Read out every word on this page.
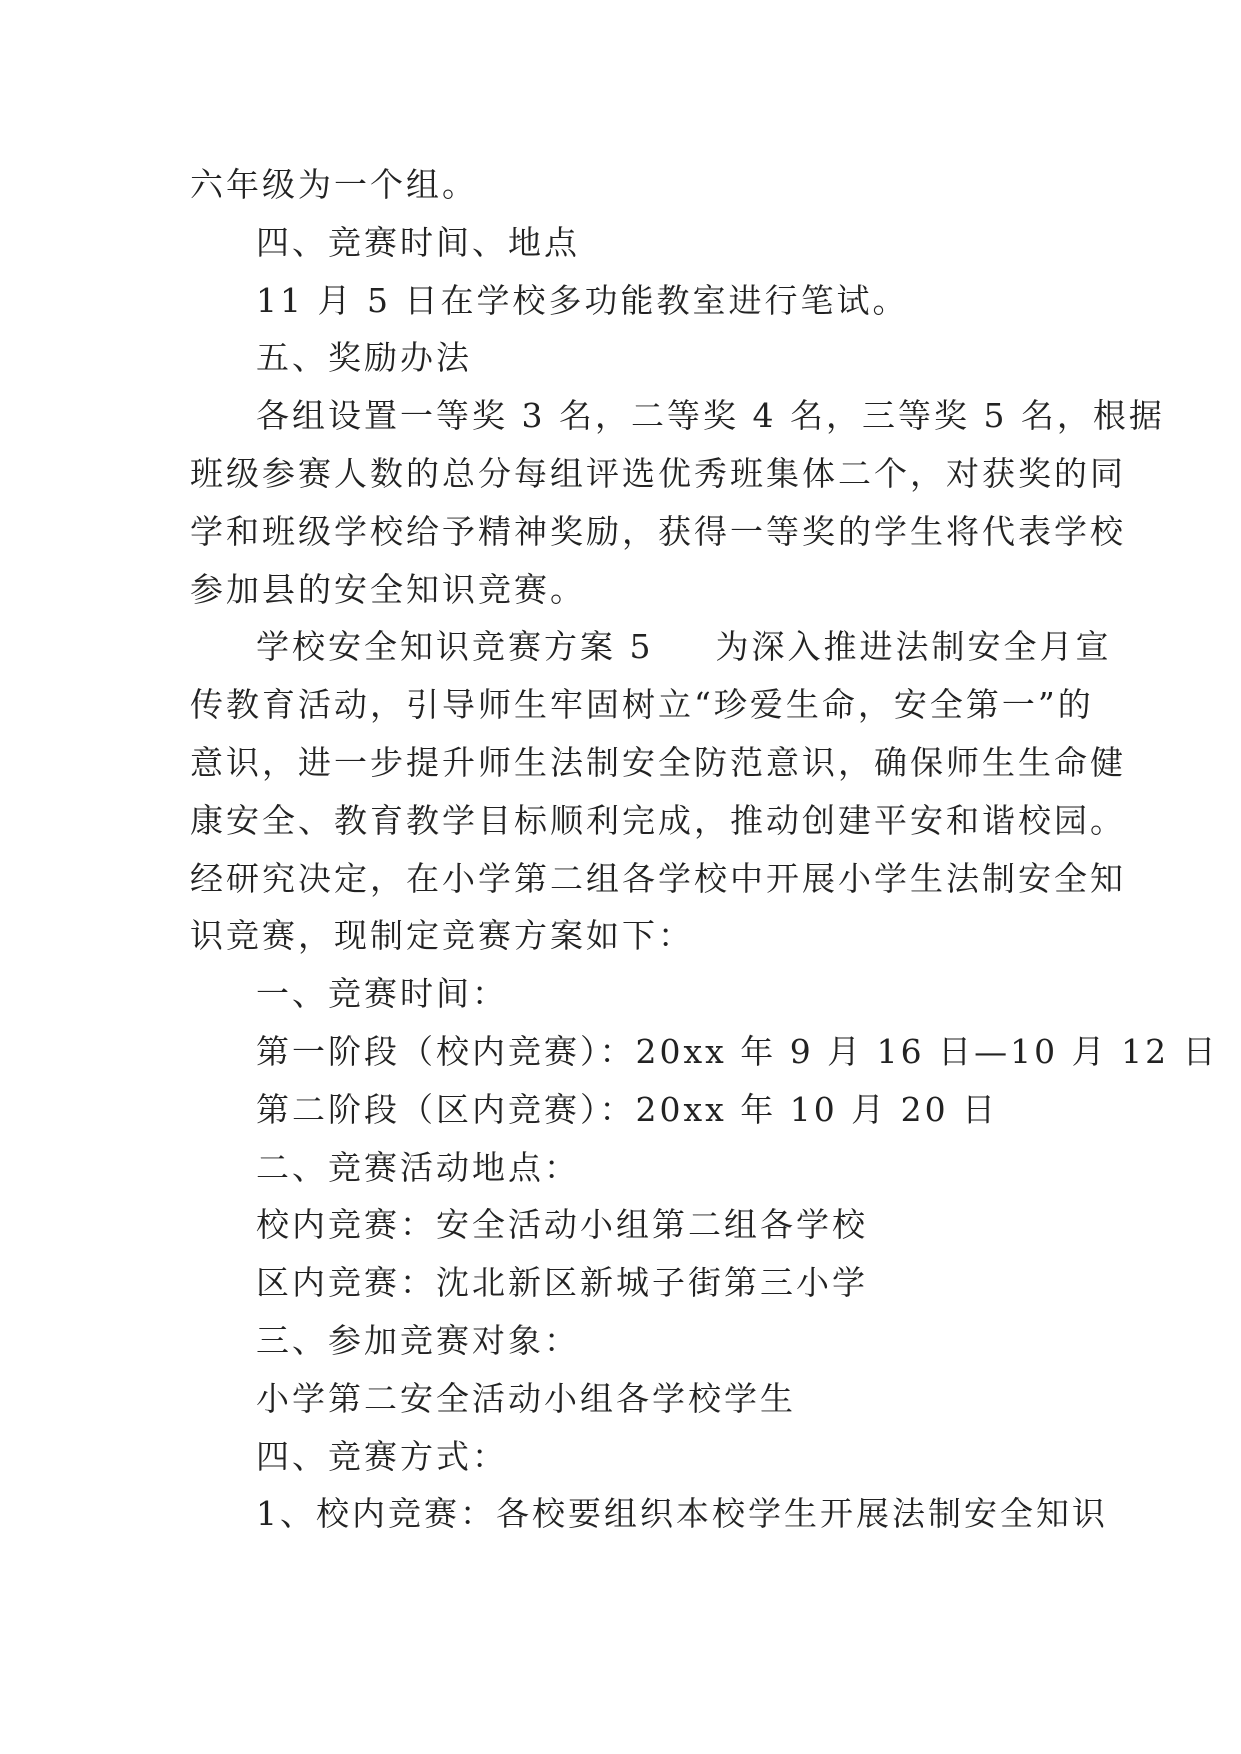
六年级为一个组。

四、竞赛时间、地点

11 月 5 日在学校多功能教室进行笔试。

五、奖励办法

各组设置一等奖 3 名，二等奖 4 名，三等奖 5 名，根据

班级参赛人数的总分每组评选优秀班集体二个，对获奖的同

学和班级学校给予精神奖励，获得一等奖的学生将代表学校

参加县的安全知识竞赛。

学校安全知识竞赛方案 5 为深入推进法制安全月宣

传教育活动，引导师生牢固树立“珍爱生命，安全第一”的

意识，进一步提升师生法制安全防范意识，确保师生生命健

康安全、教育教学目标顺利完成，推动创建平安和谐校园。

经研究决定，在小学第二组各学校中开展小学生法制安全知

识竞赛，现制定竞赛方案如下：

一、竞赛时间：

第一阶段（校内竞赛）：20xx 年 9 月 16 日—10 月 12 日

第二阶段（区内竞赛）：20xx 年 10 月 20 日

二、竞赛活动地点：

校内竞赛：安全活动小组第二组各学校

区内竞赛：沈北新区新城子街第三小学

三、参加竞赛对象：

小学第二安全活动小组各学校学生

四、竞赛方式：

1、校内竞赛：各校要组织本校学生开展法制安全知识
